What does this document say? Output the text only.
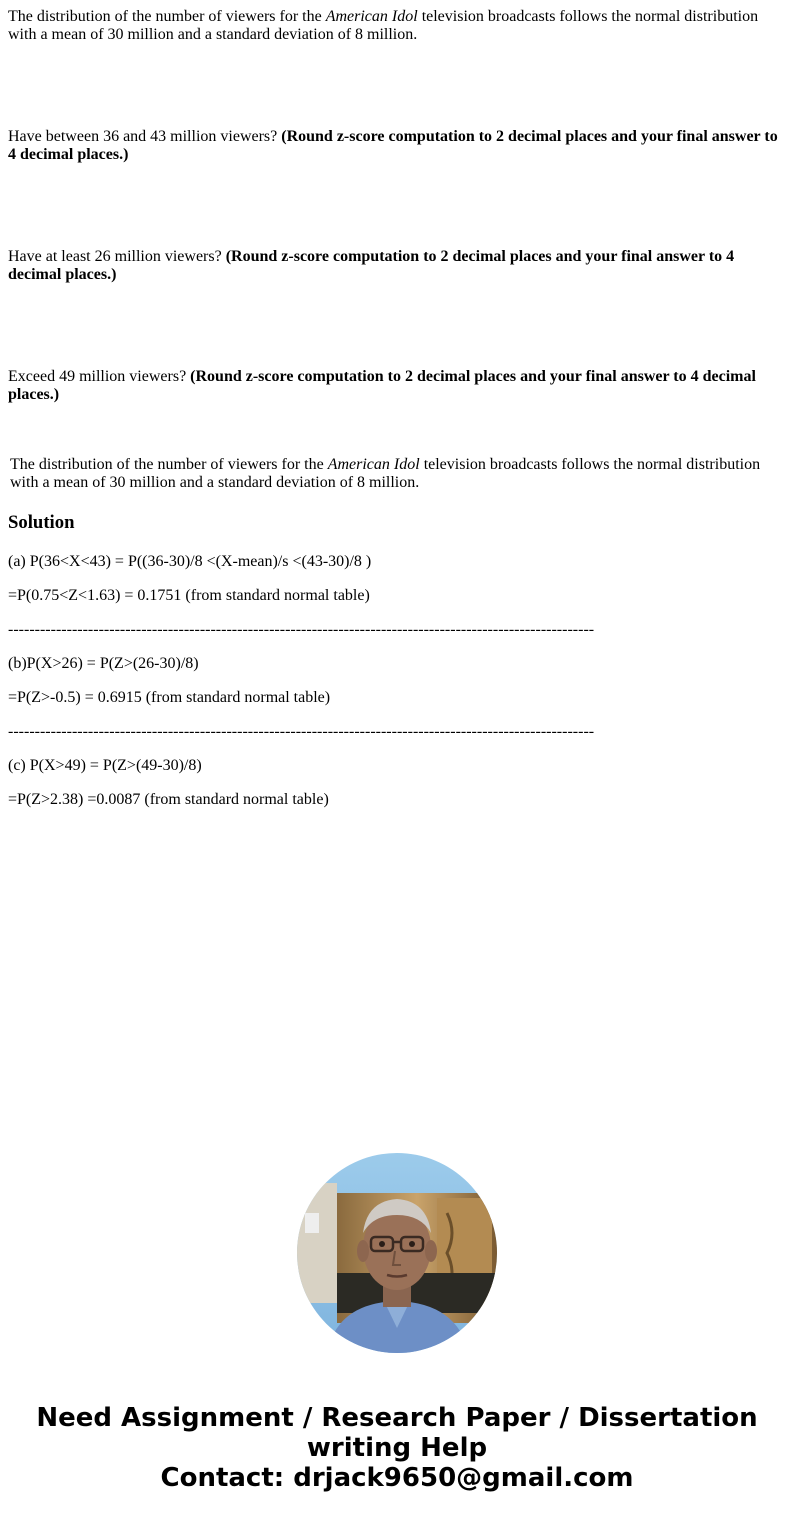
The distribution of the number of viewers for the American Idol television broadcasts follows the normal distribution with a mean of 30 million and a standard deviation of 8 million.

Have between 36 and 43 million viewers? (Round z-score computation to 2 decimal places and your final answer to 4 decimal places.)

Have at least 26 million viewers? (Round z-score computation to 2 decimal places and your final answer to 4 decimal places.)

Exceed 49 million viewers? (Round z-score computation to 2 decimal places and your final answer to 4 decimal places.)

The distribution of the number of viewers for the American Idol television broadcasts follows the normal distribution with a mean of 30 million and a standard deviation of 8 million.

Solution

(a) P(36<X<43) = P((36-30)/8 <(X-mean)/s <(43-30)/8 )

=P(0.75<Z<1.63) = 0.1751 (from standard normal table)

--------------------------------------------------------------------------------------------------------------

(b)P(X>26) = P(Z>(26-30)/8)

=P(Z>-0.5) = 0.6915 (from standard normal table)

--------------------------------------------------------------------------------------------------------------

(c) P(X>49) = P(Z>(49-30)/8)

=P(Z>2.38) =0.0087 (from standard normal table)

Need Assignment / Research Paper / Dissertation
writing Help
Contact: drjack9650@gmail.com
